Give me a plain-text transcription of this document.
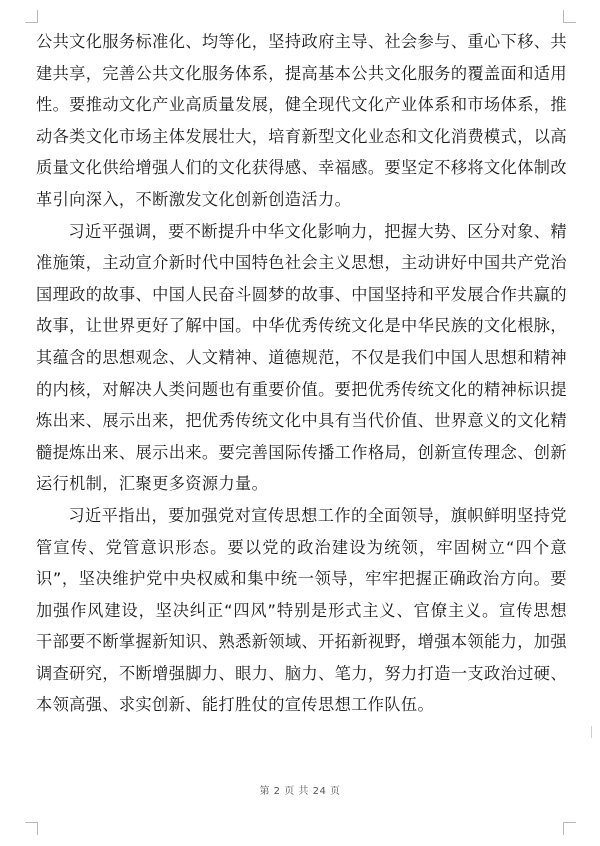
公共文化服务标准化、均等化，坚持政府主导、社会参与、重心下移、共建共享，完善公共文化服务体系，提高基本公共文化服务的覆盖面和适用性。要推动文化产业高质量发展，健全现代文化产业体系和市场体系，推动各类文化市场主体发展壮大，培育新型文化业态和文化消费模式，以高质量文化供给增强人们的文化获得感、幸福感。要坚定不移将文化体制改革引向深入，不断激发文化创新创造活力。

习近平强调，要不断提升中华文化影响力，把握大势、区分对象、精准施策，主动宣介新时代中国特色社会主义思想，主动讲好中国共产党治国理政的故事、中国人民奋斗圆梦的故事、中国坚持和平发展合作共赢的故事，让世界更好了解中国。中华优秀传统文化是中华民族的文化根脉，其蕴含的思想观念、人文精神、道德规范，不仅是我们中国人思想和精神的内核，对解决人类问题也有重要价值。要把优秀传统文化的精神标识提炼出来、展示出来，把优秀传统文化中具有当代价值、世界意义的文化精髓提炼出来、展示出来。要完善国际传播工作格局，创新宣传理念、创新运行机制，汇聚更多资源力量。

习近平指出，要加强党对宣传思想工作的全面领导，旗帜鲜明坚持党管宣传、党管意识形态。要以党的政治建设为统领，牢固树立“四个意识”，坚决维护党中央权威和集中统一领导，牢牢把握正确政治方向。要加强作风建设，坚决纠正“四风”特别是形式主义、官僚主义。宣传思想干部要不断掌握新知识、熟悉新领域、开拓新视野，增强本领能力，加强调查研究，不断增强脚力、眼力、脑力、笔力，努力打造一支政治过硬、本领高强、求实创新、能打胜仗的宣传思想工作队伍。

第 2 页 共 24 页
